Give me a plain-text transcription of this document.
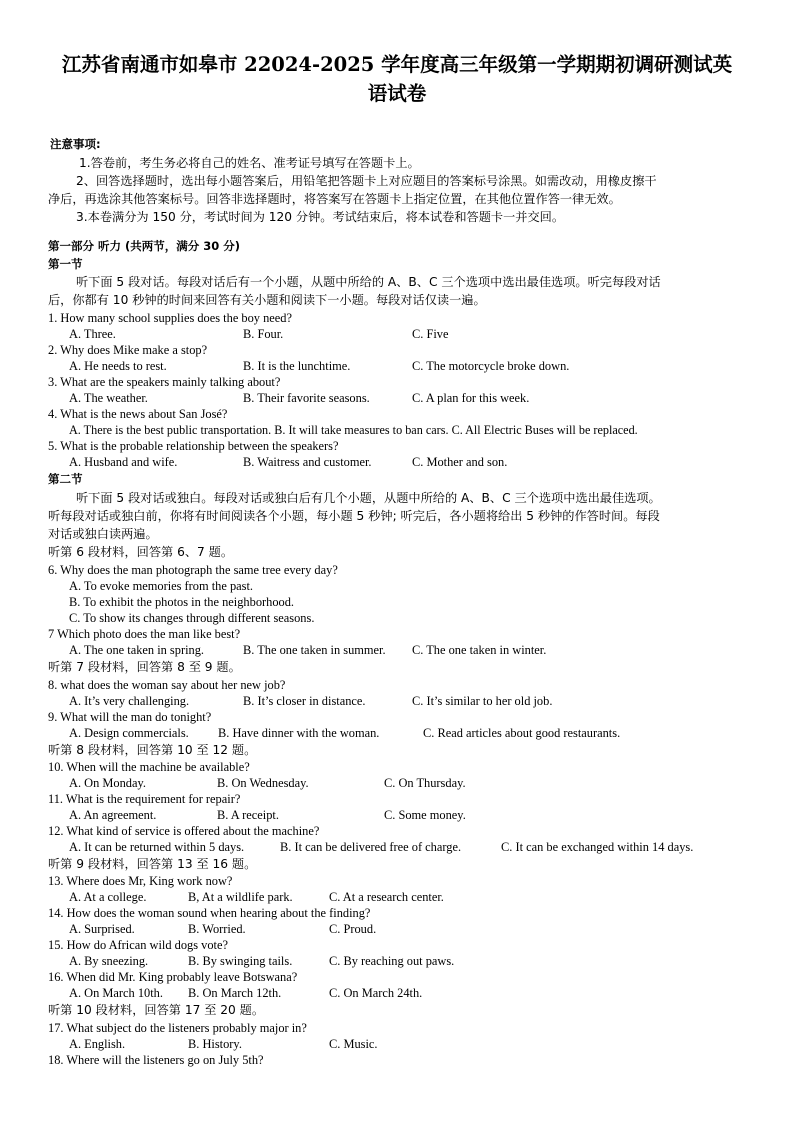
江苏省南通市如皋市 22024-2025 学年度高三年级第一学期期初调研测试英
语试卷
注意事项:
1.答卷前，考生务必将自己的姓名、准考证号填写在答题卡上。
2、回答选择题时，选出每小题答案后，用铅笔把答题卡上对应题目的答案标号涂黑。如需改动，用橡皮擦干
净后，再选涂其他答案标号。回答非选择题时，将答案写在答题卡上指定位置，在其他位置作答一律无效。
3.本卷满分为 150 分，考试时间为 120 分钟。考试结束后，将本试卷和答题卡一并交回。
第一部分 听力 (共两节，满分 30 分)
第一节
听下面 5 段对话。每段对话后有一个小题，从题中所给的 A、B、C 三个选项中选出最佳选项。听完每段对话
后，你都有 10 秒钟的时间来回答有关小题和阅读下一小题。每段对话仅读一遍。
1. How many school supplies does the boy need?
A. Three.	B. Four.	C. Five
2. Why does Mike make a stop?
A. He needs to rest.	B. It is the lunchtime.	C. The motorcycle broke down.
3. What are the speakers mainly talking about?
A. The weather.	B. Their favorite seasons.	C. A plan for this week.
4. What is the news about San José?
A. There is the best public transportation. B. It will take measures to ban cars. C. All Electric Buses will be replaced.
5. What is the probable relationship between the speakers?
A. Husband and wife.	B. Waitress and customer.	C. Mother and son.
第二节
听下面 5 段对话或独白。每段对话或独白后有几个小题，从题中所给的 A、B、C 三个选项中选出最佳选项。
听每段对话或独白前，你将有时间阅读各个小题，每小题 5 秒钟; 听完后，各小题将给出 5 秒钟的作答时间。每段
对话或独白读两遍。
听第 6 段材料，回答第 6、7 题。
6. Why does the man photograph the same tree every day?
A. To evoke memories from the past.
B. To exhibit the photos in the neighborhood.
C. To show its changes through different seasons.
7 Which photo does the man like best?
A. The one taken in spring.	B. The one taken in summer. C. The one taken in winter.
听第 7 段材料，回答第 8 至 9 题。
8. what does the woman say about her new job?
A. It’s very challenging.	B. It’s closer in distance.	C. It’s similar to her old job.
9. What will the man do tonight?
A. Design commercials. B. Have dinner with the woman.	C. Read articles about good restaurants.
听第 8 段材料，回答第 10 至 12 题。
10. When will the machine be available?
A. On Monday.	B. On Wednesday.	C. On Thursday.
11. What is the requirement for repair?
A. An agreement.	B. A receipt.	C. Some money.
12. What kind of service is offered about the machine?
A. It can be returned within 5 days.	B. It can be delivered free of charge.	C. It can be exchanged within 14 days.
听第 9 段材料，回答第 13 至 16 题。
13. Where does Mr, King work now?
A. At a college.	B, At a wildlife park.	C. At a research center.
14. How does the woman sound when hearing about the finding?
A. Surprised.	B. Worried.	C. Proud.
15. How do African wild dogs vote?
A. By sneezing.	B. By swinging tails.	C. By reaching out paws.
16. When did Mr. King probably leave Botswana?
A. On March 10th. B. On March 12th.	C. On March 24th.
听第 10 段材料，回答第 17 至 20 题。
17. What subject do the listeners probably major in?
A. English.	B. History.	C. Music.
18. Where will the listeners go on July 5th?
